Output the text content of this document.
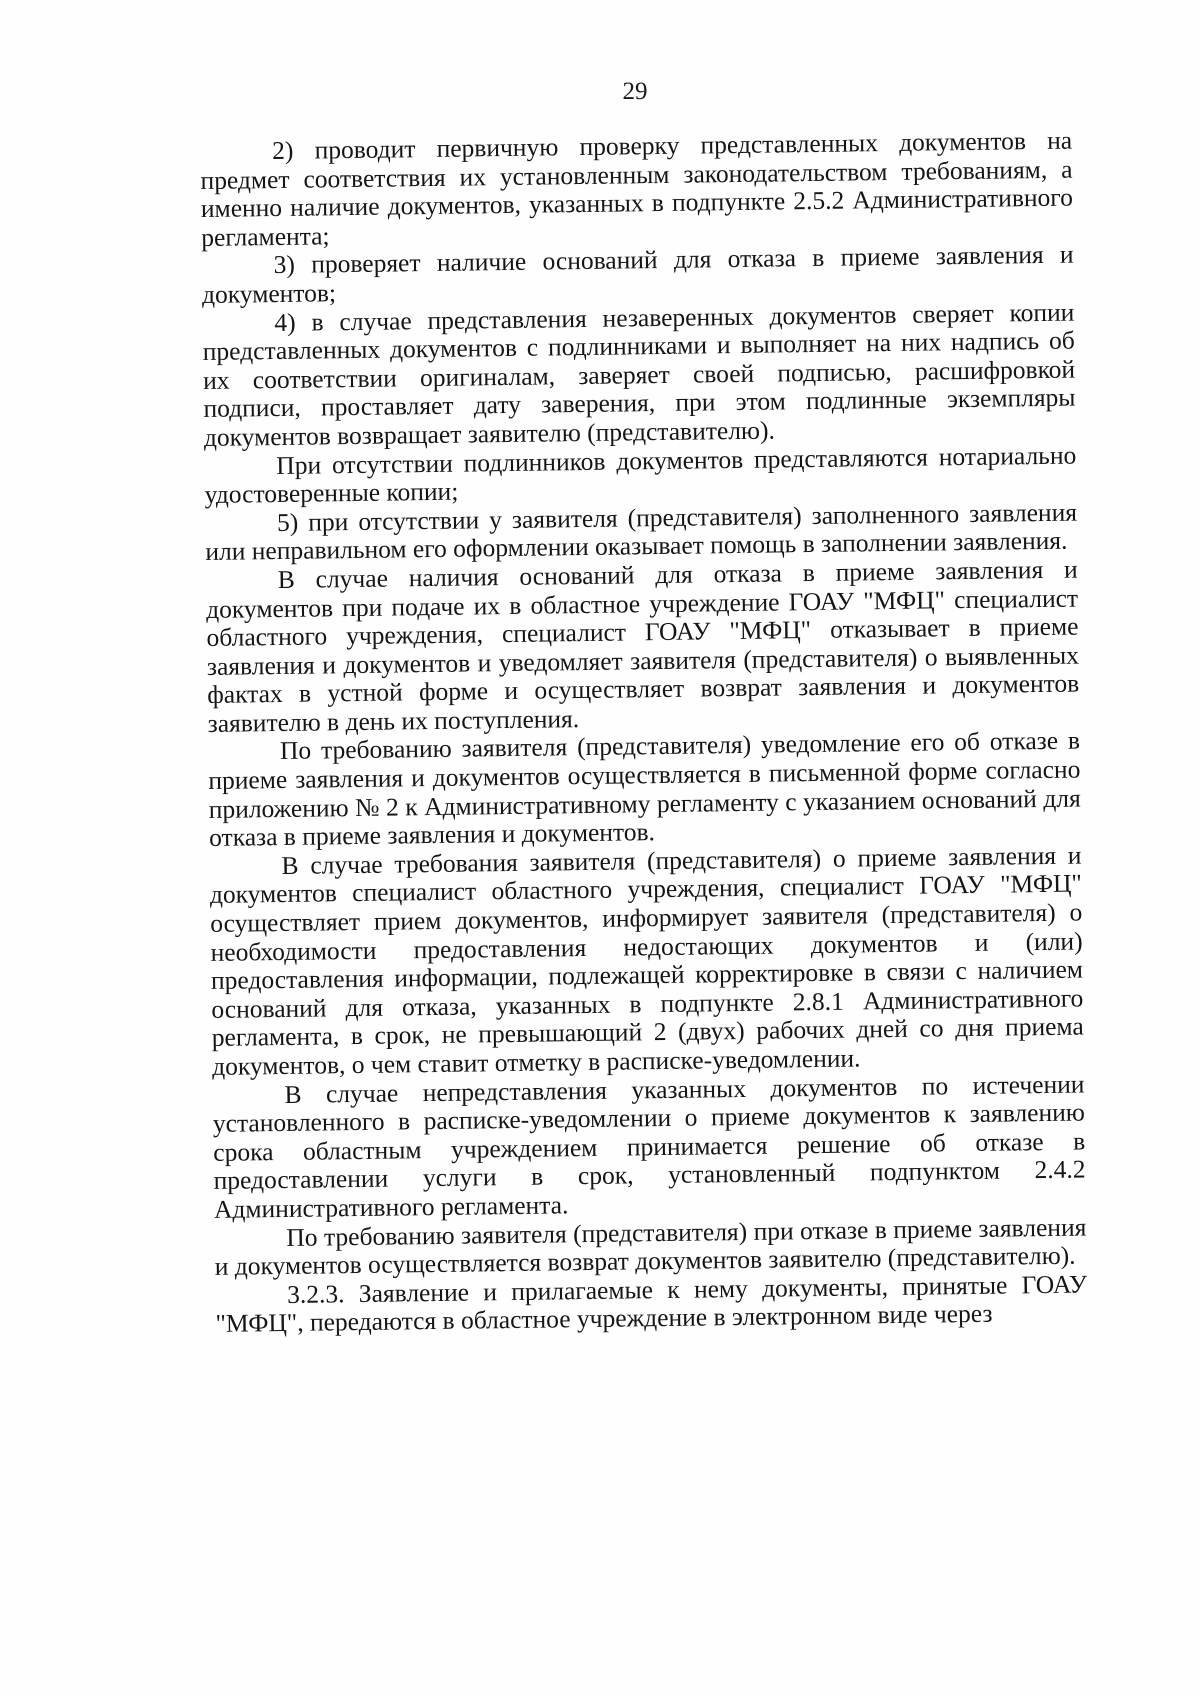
29

2) проводит первичную проверку представленных документов на предмет соответствия их установленным законодательством требованиям, а именно наличие документов, указанных в подпункте 2.5.2 Административного регламента;

3) проверяет наличие оснований для отказа в приеме заявления и документов;

4) в случае представления незаверенных документов сверяет копии представленных документов с подлинниками и выполняет на них надпись об их соответствии оригиналам, заверяет своей подписью, расшифровкой подписи, проставляет дату заверения, при этом подлинные экземпляры документов возвращает заявителю (представителю).

При отсутствии подлинников документов представляются нотариально удостоверенные копии;

5) при отсутствии у заявителя (представителя) заполненного заявления или неправильном его оформлении оказывает помощь в заполнении заявления.

В случае наличия оснований для отказа в приеме заявления и документов при подаче их в областное учреждение ГОАУ "МФЦ" специалист областного учреждения, специалист ГОАУ "МФЦ" отказывает в приеме заявления и документов и уведомляет заявителя (представителя) о выявленных фактах в устной форме и осуществляет возврат заявления и документов заявителю в день их поступления.

По требованию заявителя (представителя) уведомление его об отказе в приеме заявления и документов осуществляется в письменной форме согласно приложению № 2 к Административному регламенту с указанием оснований для отказа в приеме заявления и документов.

В случае требования заявителя (представителя) о приеме заявления и документов специалист областного учреждения, специалист ГОАУ "МФЦ" осуществляет прием документов, информирует заявителя (представителя) о необходимости предоставления недостающих документов и (или) предоставления информации, подлежащей корректировке в связи с наличием оснований для отказа, указанных в подпункте 2.8.1 Административного регламента, в срок, не превышающий 2 (двух) рабочих дней со дня приема документов, о чем ставит отметку в расписке-уведомлении.

В случае непредставления указанных документов по истечении установленного в расписке-уведомлении о приеме документов к заявлению срока областным учреждением принимается решение об отказе в предоставлении услуги в срок, установленный подпунктом 2.4.2 Административного регламента.

По требованию заявителя (представителя) при отказе в приеме заявления и документов осуществляется возврат документов заявителю (представителю).

3.2.3. Заявление и прилагаемые к нему документы, принятые ГОАУ "МФЦ", передаются в областное учреждение в электронном виде через
